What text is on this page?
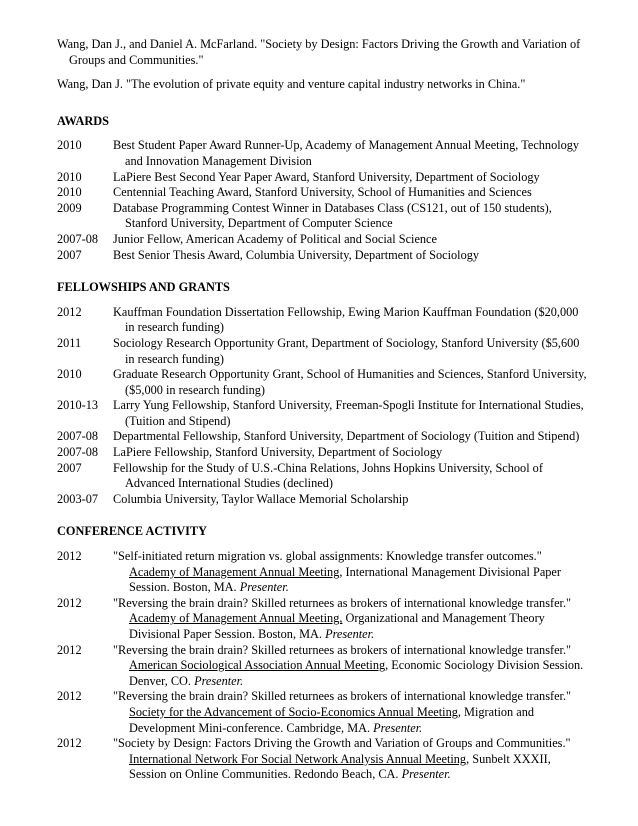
Wang, Dan J., and Daniel A. McFarland. "Society by Design: Factors Driving the Growth and Variation of Groups and Communities."

Wang, Dan J. "The evolution of private equity and venture capital industry networks in China."

AWARDS
2010	Best Student Paper Award Runner-Up, Academy of Management Annual Meeting, Technology and Innovation Management Division
2010	LaPiere Best Second Year Paper Award, Stanford University, Department of Sociology
2010	Centennial Teaching Award, Stanford University, School of Humanities and Sciences
2009	Database Programming Contest Winner in Databases Class (CS121, out of 150 students), Stanford University, Department of Computer Science
2007-08	Junior Fellow, American Academy of Political and Social Science
2007	Best Senior Thesis Award, Columbia University, Department of Sociology
FELLOWSHIPS AND GRANTS
2012	Kauffman Foundation Dissertation Fellowship, Ewing Marion Kauffman Foundation ($20,000 in research funding)
2011	Sociology Research Opportunity Grant, Department of Sociology, Stanford University ($5,600 in research funding)
2010	Graduate Research Opportunity Grant, School of Humanities and Sciences, Stanford University, ($5,000 in research funding)
2010-13	Larry Yung Fellowship, Stanford University, Freeman-Spogli Institute for International Studies, (Tuition and Stipend)
2007-08	Departmental Fellowship, Stanford University, Department of Sociology (Tuition and Stipend)
2007-08	LaPiere Fellowship, Stanford University, Department of Sociology
2007	Fellowship for the Study of U.S.-China Relations, Johns Hopkins University, School of Advanced International Studies (declined)
2003-07	Columbia University, Taylor Wallace Memorial Scholarship
CONFERENCE ACTIVITY
2012	"Self-initiated return migration vs. global assignments: Knowledge transfer outcomes." Academy of Management Annual Meeting, International Management Divisional Paper Session. Boston, MA. Presenter.
2012	"Reversing the brain drain? Skilled returnees as brokers of international knowledge transfer." Academy of Management Annual Meeting, Organizational and Management Theory Divisional Paper Session. Boston, MA. Presenter.
2012	"Reversing the brain drain? Skilled returnees as brokers of international knowledge transfer." American Sociological Association Annual Meeting, Economic Sociology Division Session. Denver, CO. Presenter.
2012	"Reversing the brain drain? Skilled returnees as brokers of international knowledge transfer." Society for the Advancement of Socio-Economics Annual Meeting, Migration and Development Mini-conference. Cambridge, MA. Presenter.
2012	"Society by Design: Factors Driving the Growth and Variation of Groups and Communities." International Network For Social Network Analysis Annual Meeting, Sunbelt XXXII, Session on Online Communities. Redondo Beach, CA. Presenter.
